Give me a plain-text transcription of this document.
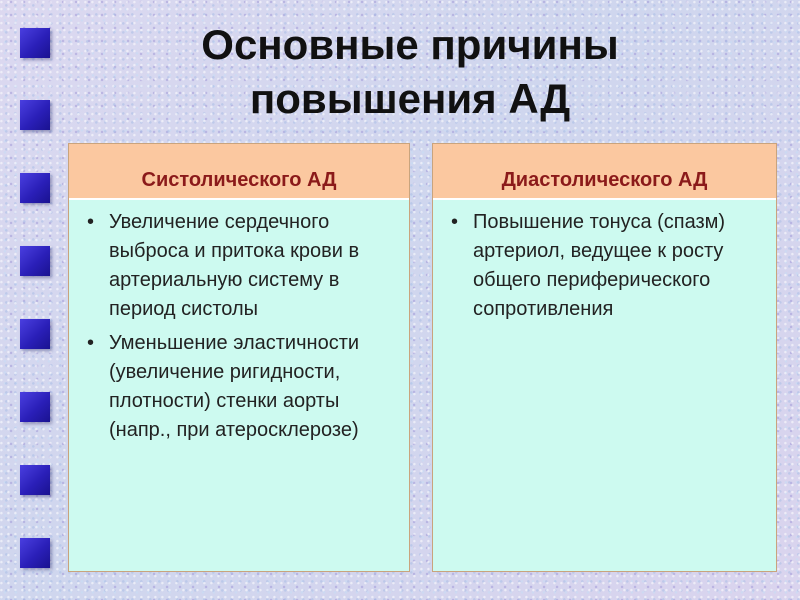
Основные причины
повышения АД
Систолического АД
• Увеличение сердечного выброса и притока крови в артериальную систему в период систолы
• Уменьшение эластичности (увеличение ригидности, плотности) стенки аорты (напр., при атеросклерозе)
Диастолического АД
• Повышение тонуса (спазм) артериол, ведущее к росту общего периферического сопротивления
